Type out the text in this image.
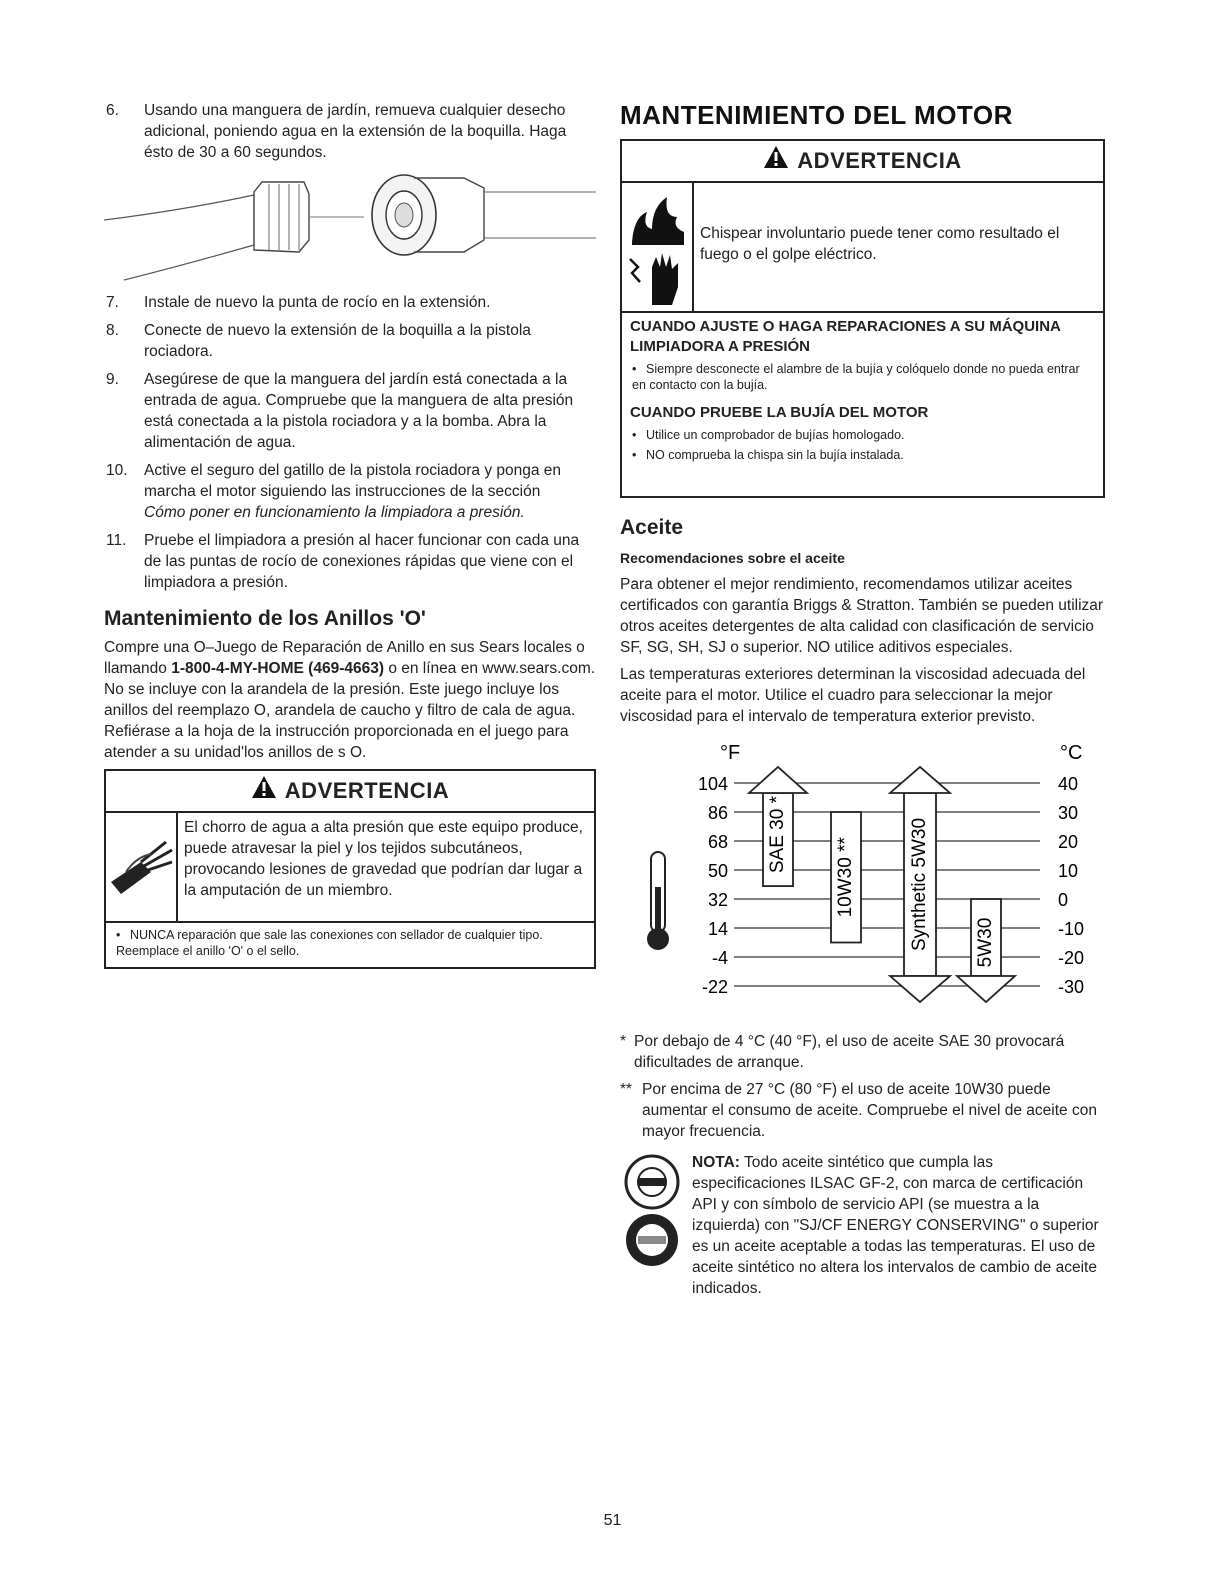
6. Usando una manguera de jardín, remueva cualquier desecho adicional, poniendo agua en la extensión de la boquilla. Haga ésto de 30 a 60 segundos.
7. Instale de nuevo la punta de rocío en la extensión.
8. Conecte de nuevo la extensión de la boquilla a la pistola rociadora.
9. Asegúrese de que la manguera del jardín está conectada a la entrada de agua. Compruebe que la manguera de alta presión está conectada a la pistola rociadora y a la bomba. Abra la alimentación de agua.
10. Active el seguro del gatillo de la pistola rociadora y ponga en marcha el motor siguiendo las instrucciones de la sección
Cómo poner en funcionamiento la limpiadora a presión.
11. Pruebe el limpiadora a presión al hacer funcionar con cada una de las puntas de rocío de conexiones rápidas que viene con el limpiadora a presión.
Mantenimiento de los Anillos 'O'

Compre una O–Juego de Reparación de Anillo en sus Sears locales o llamando 1-800-4-MY-HOME (469-4663) o en línea en www.sears.com. No se incluye con la arandela de la presión. Este juego incluye los anillos del reemplazo O, arandela de caucho y filtro de cala de agua. Refiérase a la hoja de la instrucción proporcionada en el juego para atender a su unidad'los anillos de s O.

ADVERTENCIA
El chorro de agua a alta presión que este equipo produce, puede atravesar la piel y los tejidos subcutáneos, provocando lesiones de gravedad que podrían dar lugar a la amputación de un miembro.
• NUNCA reparación que sale las conexiones con sellador de cualquier tipo. Reemplace el anillo 'O' o el sello.
MANTENIMIENTO DEL MOTOR
ADVERTENCIA
Chispear involuntario puede tener como resultado el fuego o el golpe eléctrico.
CUANDO AJUSTE O HAGA REPARACIONES A SU MÁQUINA LIMPIADORA A PRESIÓN
• Siempre desconecte el alambre de la bujía y colóquelo donde no pueda entrar en contacto con la bujía.
CUANDO PRUEBE LA BUJÍA DEL MOTOR
• Utilice un comprobador de bujías homologado.
• NO comprueba la chispa sin la bujía instalada.
Aceite
Recomendaciones sobre el aceite

Para obtener el mejor rendimiento, recomendamos utilizar aceites certificados con garantía Briggs & Stratton. También se pueden utilizar otros aceites detergentes de alta calidad con clasificación de servicio SF, SG, SH, SJ o superior. NO utilice aditivos especiales.

Las temperaturas exteriores determinan la viscosidad adecuada del aceite para el motor. Utilice el cuadro para seleccionar la mejor viscosidad para el intervalo de temperatura exterior previsto.

°F	°C
104	40
86	30
68	20
50	10
32	0
14	-10
-4	-20
-22	-30
SAE 30 *
10W30 **	Synthetic 5W30 5W30
* Por debajo de 4 °C (40 °F), el uso de aceite SAE 30 provocará dificultades de arranque.
** Por encima de 27 °C (80 °F) el uso de aceite 10W30 puede aumentar el consumo de aceite. Compruebe el nivel de aceite con mayor frecuencia.
NOTA: Todo aceite sintético que cumpla las especificaciones ILSAC GF-2, con marca de certificación API y con símbolo de servicio API (se muestra a la izquierda) con "SJ/CF ENERGY CONSERVING" o superior es un aceite aceptable a todas las temperaturas. El uso de aceite sintético no altera los intervalos de cambio de aceite indicados.
51
